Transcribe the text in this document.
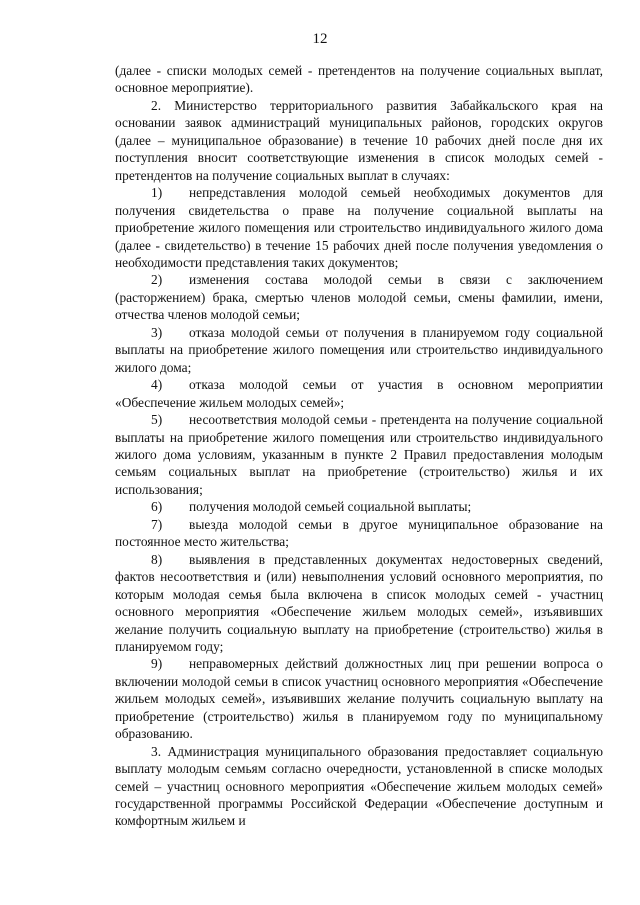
12

(далее - списки молодых семей - претендентов на получение социальных выплат, основное мероприятие).

2. Министерство территориального развития Забайкальского края на основании заявок администраций муниципальных районов, городских округов (далее – муниципальное образование) в течение 10 рабочих дней после дня их поступления вносит соответствующие изменения в список молодых семей - претендентов на получение социальных выплат в случаях:

1) непредставления молодой семьей необходимых документов для получения свидетельства о праве на получение социальной выплаты на приобретение жилого помещения или строительство индивидуального жилого дома (далее - свидетельство) в течение 15 рабочих дней после получения уведомления о необходимости представления таких документов;

2) изменения состава молодой семьи в связи с заключением (расторжением) брака, смертью членов молодой семьи, смены фамилии, имени, отчества членов молодой семьи;

3) отказа молодой семьи от получения в планируемом году социальной выплаты на приобретение жилого помещения или строительство индивидуального жилого дома;

4) отказа молодой семьи от участия в основном мероприятии «Обеспечение жильем молодых семей»;

5) несоответствия молодой семьи - претендента на получение социальной выплаты на приобретение жилого помещения или строительство индивидуального жилого дома условиям, указанным в пункте 2 Правил предоставления молодым семьям социальных выплат на приобретение (строительство) жилья и их использования;

6) получения молодой семьей социальной выплаты;

7) выезда молодой семьи в другое муниципальное образование на постоянное место жительства;

8) выявления в представленных документах недостоверных сведений, фактов несоответствия и (или) невыполнения условий основного мероприятия, по которым молодая семья была включена в список молодых семей - участниц основного мероприятия «Обеспечение жильем молодых семей», изъявивших желание получить социальную выплату на приобретение (строительство) жилья в планируемом году;

9) неправомерных действий должностных лиц при решении вопроса о включении молодой семьи в список участниц основного мероприятия «Обеспечение жильем молодых семей», изъявивших желание получить социальную выплату на приобретение (строительство) жилья в планируемом году по муниципальному образованию.

3. Администрация муниципального образования предоставляет социальную выплату молодым семьям согласно очередности, установленной в списке молодых семей – участниц основного мероприятия «Обеспечение жильем молодых семей» государственной программы Российской Федерации «Обеспечение доступным и комфортным жильем и
